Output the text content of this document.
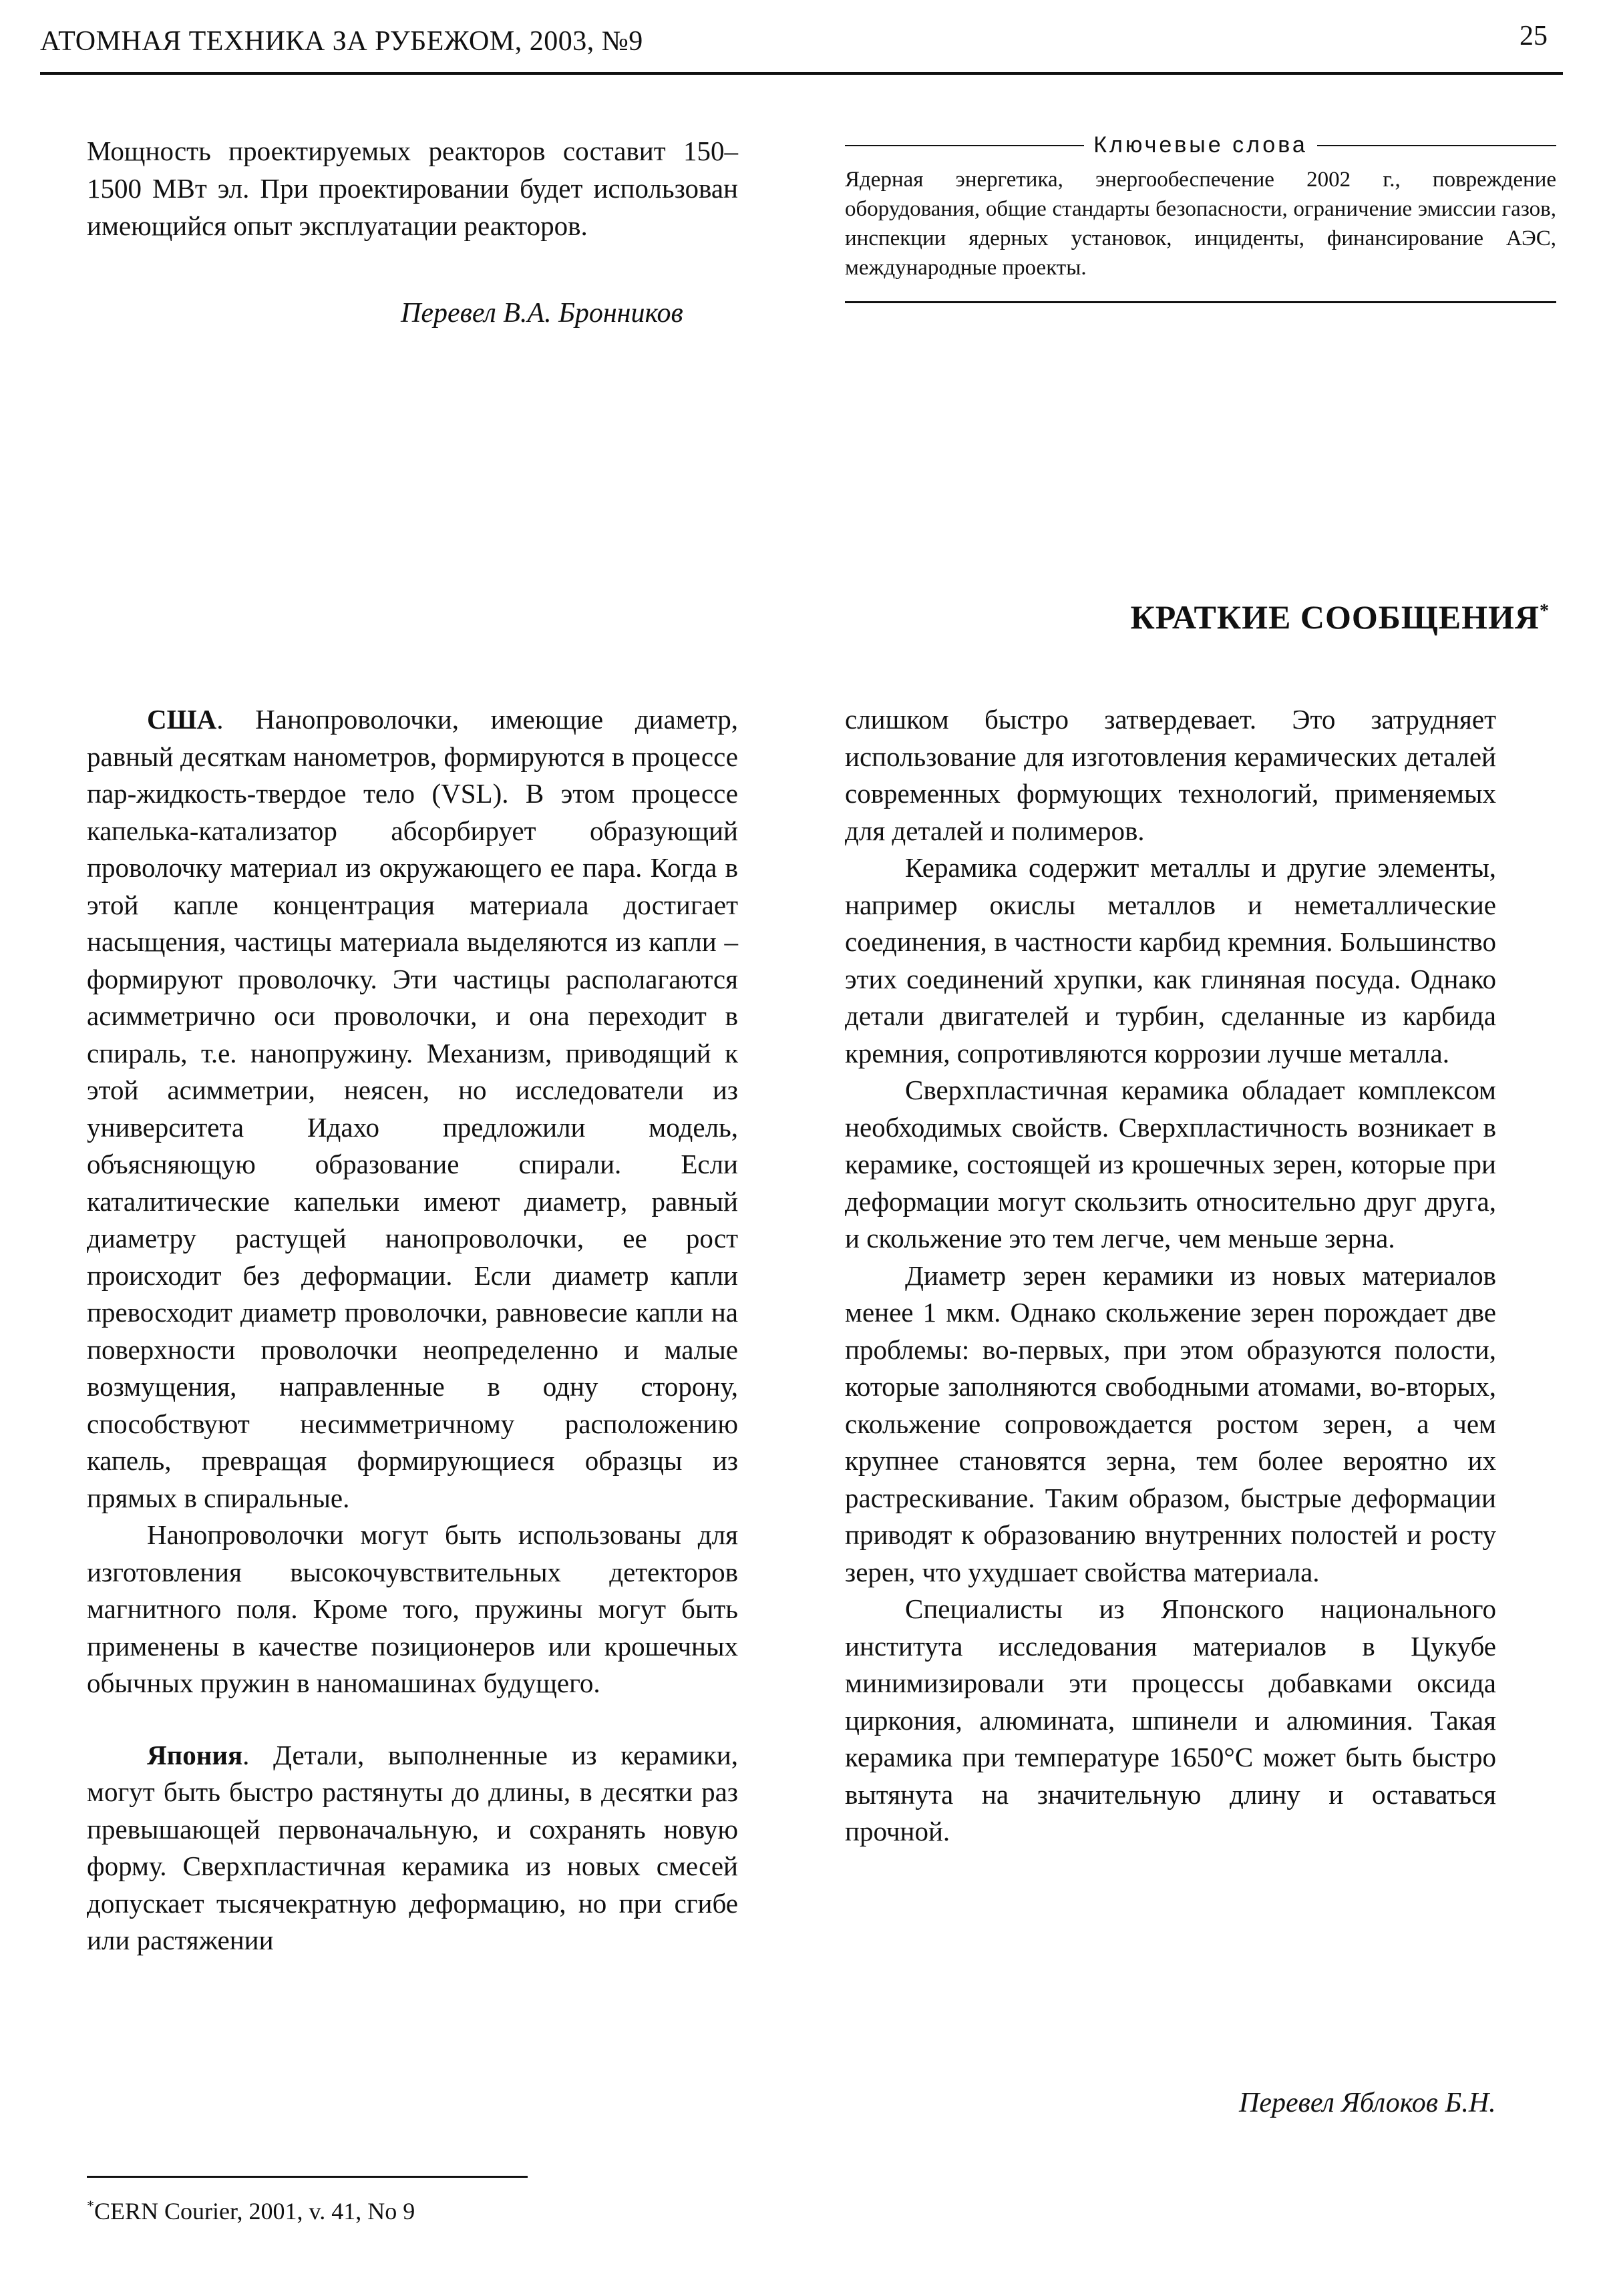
АТОМНАЯ ТЕХНИКА ЗА РУБЕЖОМ, 2003, №9	25

Мощность проектируемых реакторов составит 150–1500 МВт эл. При проектировании будет использован имеющийся опыт эксплуатации реакторов.

Перевел В.А. Бронников
Ключевые слова
Ядерная энергетика, энергообеспечение 2002 г., повреждение оборудования, общие стандарты безопасности, ограничение эмиссии газов, инспекции ядерных установок, инциденты, финансирование АЭС, международные проекты.
КРАТКИЕ СООБЩЕНИЯ*

США. Нанопроволочки, имеющие диаметр, равный десяткам нанометров, формируются в процессе пар-жидкость-твердое тело (VSL). В этом процессе капелька-катализатор абсорбирует образующий проволочку материал из окружающего ее пара. Когда в этой капле концентрация материала достигает насыщения, частицы материала выделяются из капли – формируют проволочку. Эти частицы располагаются асимметрично оси проволочки, и она переходит в спираль, т.е. нанопружину. Механизм, приводящий к этой асимметрии, неясен, но исследователи из университета Идахо предложили модель, объясняющую образование спирали. Если каталитические капельки имеют диаметр, равный диаметру растущей нанопроволочки, ее рост происходит без деформации. Если диаметр капли превосходит диаметр проволочки, равновесие капли на поверхности проволочки неопределенно и малые возмущения, направленные в одну сторону, способствуют несимметричному расположению капель, превращая формирующиеся образцы из прямых в спиральные.

Нанопроволочки могут быть использованы для изготовления высокочувствительных детекторов магнитного поля. Кроме того, пружины могут быть применены в качестве позиционеров или крошечных обычных пружин в наномашинах будущего.

Япония. Детали, выполненные из керамики, могут быть быстро растянуты до длины, в десятки раз превышающей первоначальную, и сохранять новую форму. Сверхпластичная керамика из новых смесей допускает тысячекратную деформацию, но при сгибе или растяжении

слишком быстро затвердевает. Это затрудняет использование для изготовления керамических деталей современных формующих технологий, применяемых для деталей и полимеров.

Керамика содержит металлы и другие элементы, например окислы металлов и неметаллические соединения, в частности карбид кремния. Большинство этих соединений хрупки, как глиняная посуда. Однако детали двигателей и турбин, сделанные из карбида кремния, сопротивляются коррозии лучше металла.

Сверхпластичная керамика обладает комплексом необходимых свойств. Сверхпластичность возникает в керамике, состоящей из крошечных зерен, которые при деформации могут скользить относительно друг друга, и скольжение это тем легче, чем меньше зерна.

Диаметр зерен керамики из новых материалов менее 1 мкм. Однако скольжение зерен порождает две проблемы: во-первых, при этом образуются полости, которые заполняются свободными атомами, во-вторых, скольжение сопровождается ростом зерен, а чем крупнее становятся зерна, тем более вероятно их растрескивание. Таким образом, быстрые деформации приводят к образованию внутренних полостей и росту зерен, что ухудшает свойства материала.

Специалисты из Японского национального института исследования материалов в Цукубе минимизировали эти процессы добавками оксида циркония, алюмината, шпинели и алюминия. Такая керамика при температуре 1650°С может быть быстро вытянута на значительную длину и оставаться прочной.

Перевел Яблоков Б.Н.
*CERN Courier, 2001, v. 41, No 9
